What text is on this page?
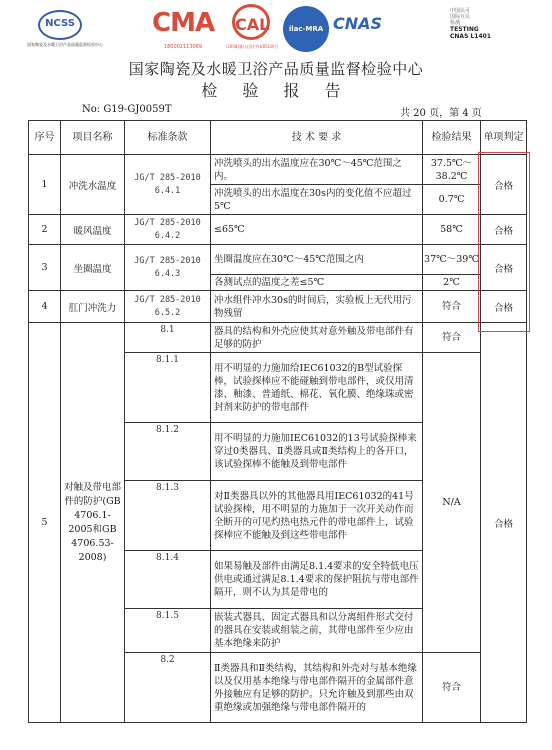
NCSS
国家陶瓷及水暖卫浴产品质量监督检验中心
CMA
180002113069
CAL
(2008)量认(国)字(U0519)号
ilac-MRA CNAS
中国认可
国际互认
检测
TESTING
CNAS L1401
国家陶瓷及水暖卫浴产品质量监督检验中心
检 验 报 告
No: G19-GJ0059T	共 20 页，第 4 页
序号	项目名称	标准条款	技 术 要 求	检验结果	单项判定
1	冲洗水温度	JG/T 285-2010 6.4.1	冲洗喷头的出水温度应在30℃～45℃范围之内。	37.5℃～38.2℃	合格
			冲洗喷头的出水温度在30s内的变化值不应超过5℃	0.7℃	
2	暖风温度	JG/T 285-2010 6.4.2	≤65℃	58℃	合格
3	坐圈温度	JG/T 285-2010 6.4.3	坐圈温度应在30℃～45℃范围之内	37℃～39℃	合格
			各测试点的温度之差≤5℃	2℃	
4	肛门冲洗力	JG/T 285-2010 6.5.2	冲水组件冲水30s的时间后，实验板上无代用污物残留	符合	合格
5	对触及带电部件的防护(GB 4706.1-2005和GB 4706.53-2008)	8.1	器具的结构和外壳应使其对意外触及带电部件有足够的防护	符合	合格
		8.1.1	用不明显的力施加给IEC61032的B型试验探棒，试验探棒应不能碰触到带电部件，或仅用清漆、釉漆、普通纸、棉花、氧化膜、绝缘珠或密封剂来防护的带电部件	N/A	
		8.1.2	用不明显的力施加IEC61032的13号试验探棒来穿过0类器具、Ⅱ类器具或Ⅱ类结构上的各开口，该试验探棒不能触及到带电部件		
		8.1.3	对Ⅱ类器具以外的其他器具用IEC61032的41号试验探棒，用不明显的力施加于一次开关动作而全断开的可见灼热电热元件的带电部件上，试验探棒应不能触及到这些带电部件		
		8.1.4	如果易触及部件由满足8.1.4要求的安全特低电压供电或通过满足8.1.4要求的保护阻抗与带电部件隔开，则不认为其是带电的		
		8.1.5	嵌装式器具、固定式器具和以分离组件形式交付的器具在安装或组装之前，其带电部件至少应由基本绝缘来防护		
		8.2	Ⅱ类器具和Ⅱ类结构，其结构和外壳对与基本绝缘以及仅用基本绝缘与带电部件隔开的金属部件意外接触应有足够的防护。只允许触及到那些由双重绝缘或加强绝缘与带电部件隔开的	符合	
